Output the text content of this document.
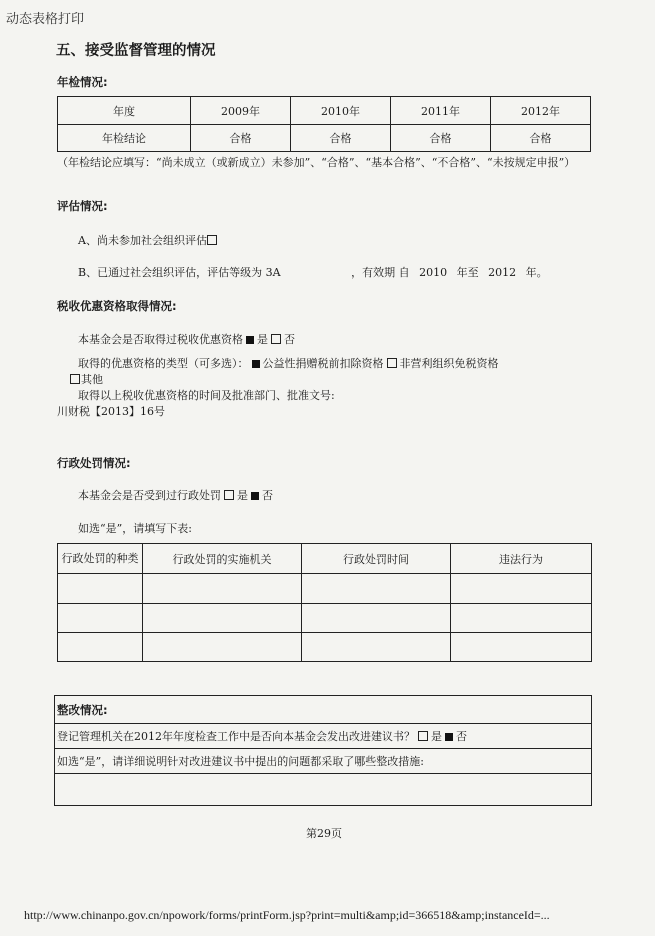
动态表格打印
五、接受监督管理的情况
年检情况:
年度	2009年	2010年	2011年	2012年
年检结论	合格	合格	合格	合格
（年检结论应填写：“尚未成立（或新成立）未参加”、“合格”、“基本合格”、“不合格”、“未按规定申报”）
评估情况:
A、尚未参加社会组织评估
B、已通过社会组织评估，评估等级为 3A	，有效期 自 2010 年至 2012 年。
税收优惠资格取得情况:
本基金会是否取得过税收优惠资格 是 否
取得的优惠资格的类型（可多选）： 公益性捐赠税前扣除资格 非营利组织免税资格
其他
取得以上税收优惠资格的时间及批准部门、批准文号:
川财税【2013】16号
行政处罚情况:
本基金会是否受到过行政处罚 是 否
如选“是”，请填写下表:
行政处罚的种类	行政处罚的实施机关	行政处罚时间	违法行为

整改情况:
登记管理机关在2012年年度检查工作中是否向本基金会发出改进建议书？ 是 否
如选“是”，请详细说明针对改进建议书中提出的问题都采取了哪些整改措施:

第29页
http://www.chinanpo.gov.cn/npowork/forms/printForm.jsp?print=multi&amp;id=366518&amp;instanceId=...
